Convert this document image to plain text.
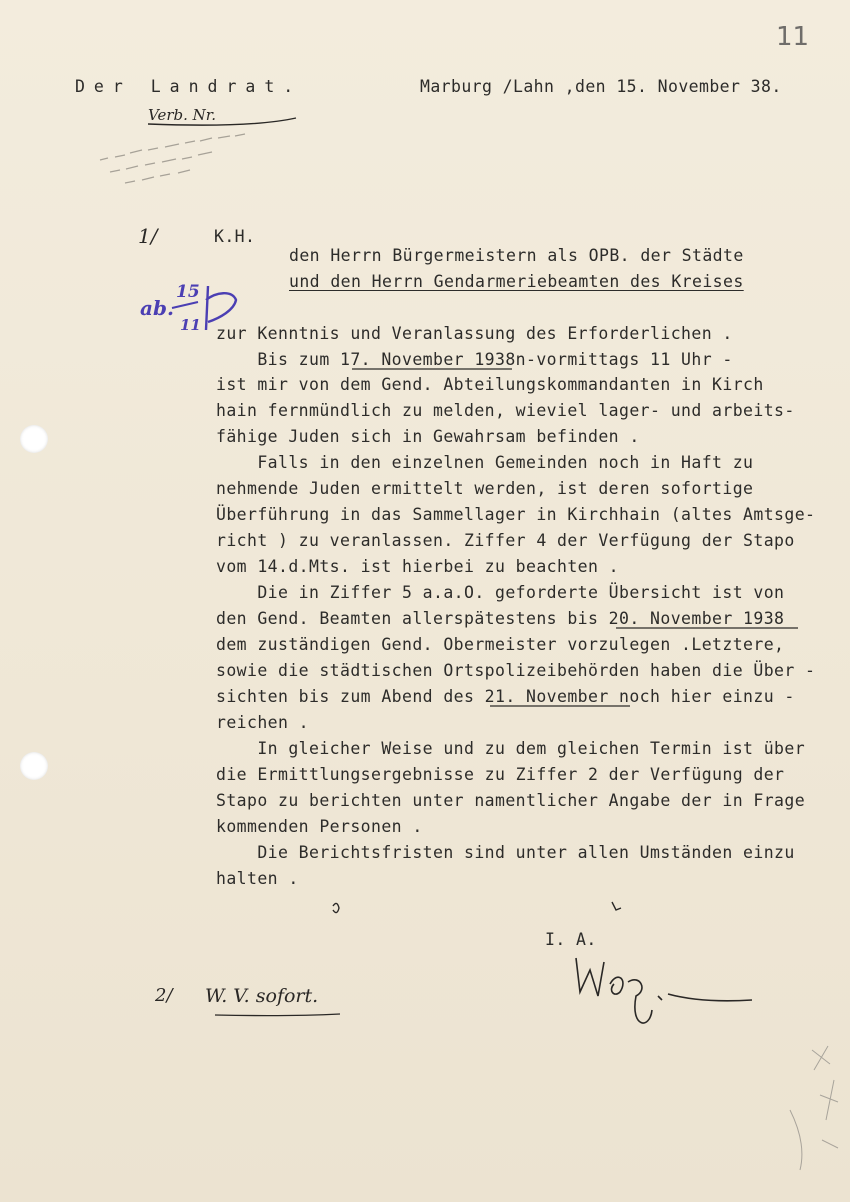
11
Der Landrat.	Marburg /Lahn ,den 15. November 38.
Verb. Nr.
1/	K.H.
den Herrn Bürgermeistern als OPB. der Städte
und den Herrn Gendarmeriebeamten des Kreises
ab.
15
11 zur Kenntnis und Veranlassung des Erforderlichen .
Bis zum 17. November 1938n-vormittags 11 Uhr -
ist mir von dem Gend. Abteilungskommandanten in Kirch
hain fernmündlich zu melden, wieviel lager- und arbeits-
fähige Juden sich in Gewahrsam befinden .
Falls in den einzelnen Gemeinden noch in Haft zu
nehmende Juden ermittelt werden, ist deren sofortige
Überführung in das Sammellager in Kirchhain (altes Amtsge-
richt ) zu veranlassen. Ziffer 4 der Verfügung der Stapo
vom 14.d.Mts. ist hierbei zu beachten .
Die in Ziffer 5 a.a.O. geforderte Übersicht ist von
den Gend. Beamten allerspätestens bis 20. November 1938
dem zuständigen Gend. Obermeister vorzulegen .Letztere,
sowie die städtischen Ortspolizeibehörden haben die Über -
sichten bis zum Abend des 21. November noch hier einzu -
reichen .
In gleicher Weise und zu dem gleichen Termin ist über
die Ermittlungsergebnisse zu Ziffer 2 der Verfügung der
Stapo zu berichten unter namentlicher Angabe der in Frage
kommenden Personen .
Die Berichtsfristen sind unter allen Umständen einzu
halten .
I. A.
2/ W. V. sofort.
